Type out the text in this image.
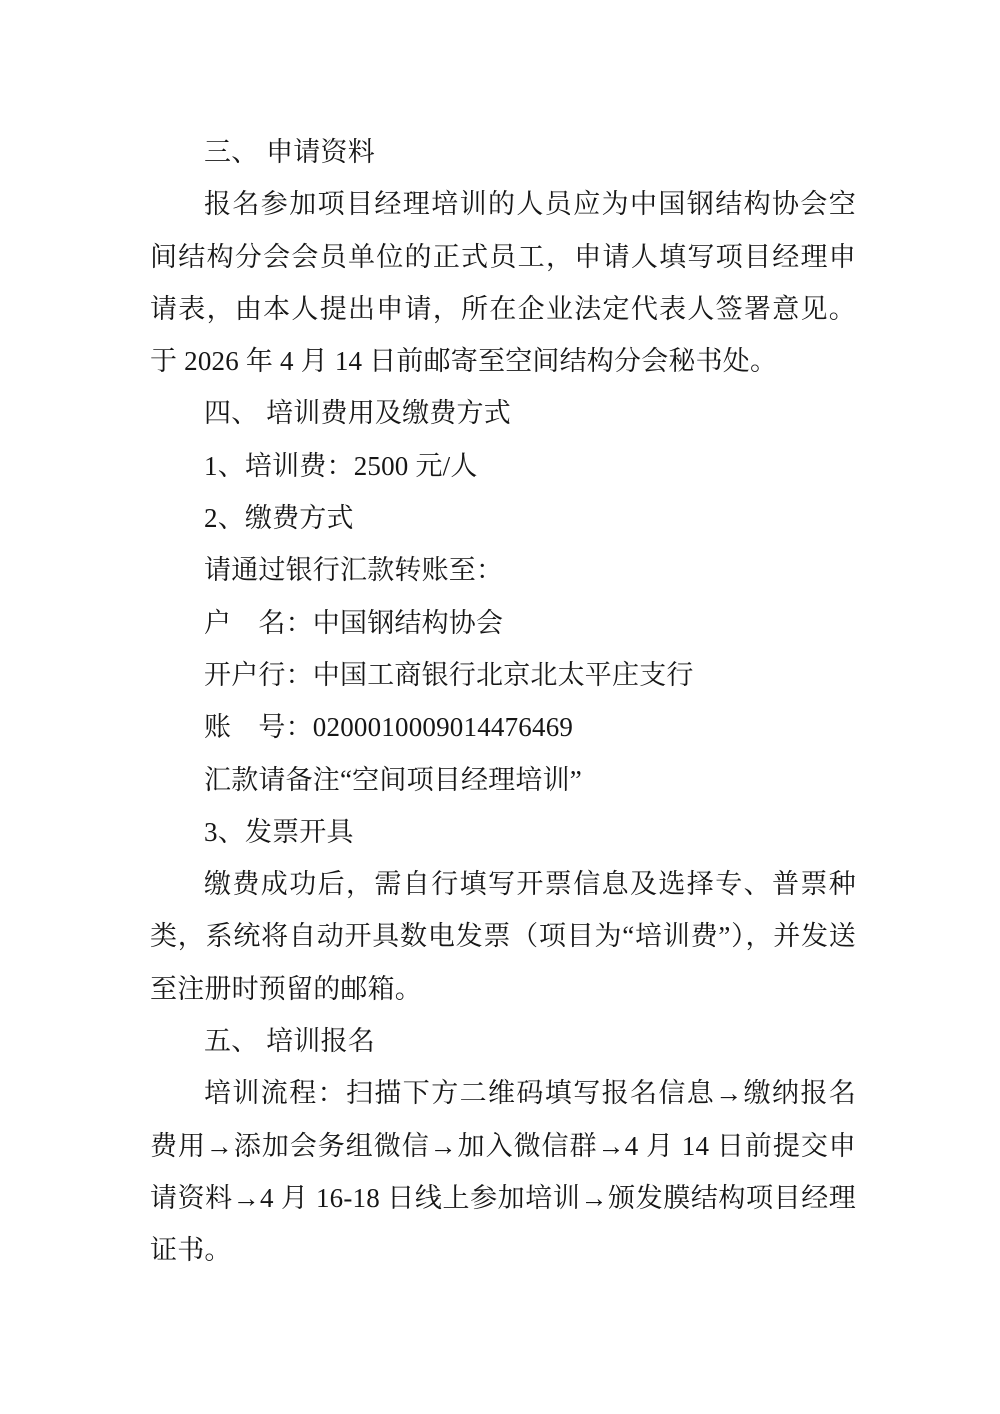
三、 申请资料

报名参加项目经理培训的人员应为中国钢结构协会空间结构分会会员单位的正式员工，申请人填写项目经理申请表，由本人提出申请，所在企业法定代表人签署意见。于 2026 年 4 月 14 日前邮寄至空间结构分会秘书处。

四、 培训费用及缴费方式

1、培训费：2500 元/人

2、缴费方式

请通过银行汇款转账至：

户　名：中国钢结构协会

开户行：中国工商银行北京北太平庄支行

账　号：0200010009014476469

汇款请备注“空间项目经理培训”

3、发票开具

缴费成功后，需自行填写开票信息及选择专、普票种类，系统将自动开具数电发票（项目为“培训费”），并发送至注册时预留的邮箱。

五、 培训报名

培训流程：扫描下方二维码填写报名信息→缴纳报名费用→添加会务组微信→加入微信群→4 月 14 日前提交申请资料→4 月 16-18 日线上参加培训→颁发膜结构项目经理证书。
